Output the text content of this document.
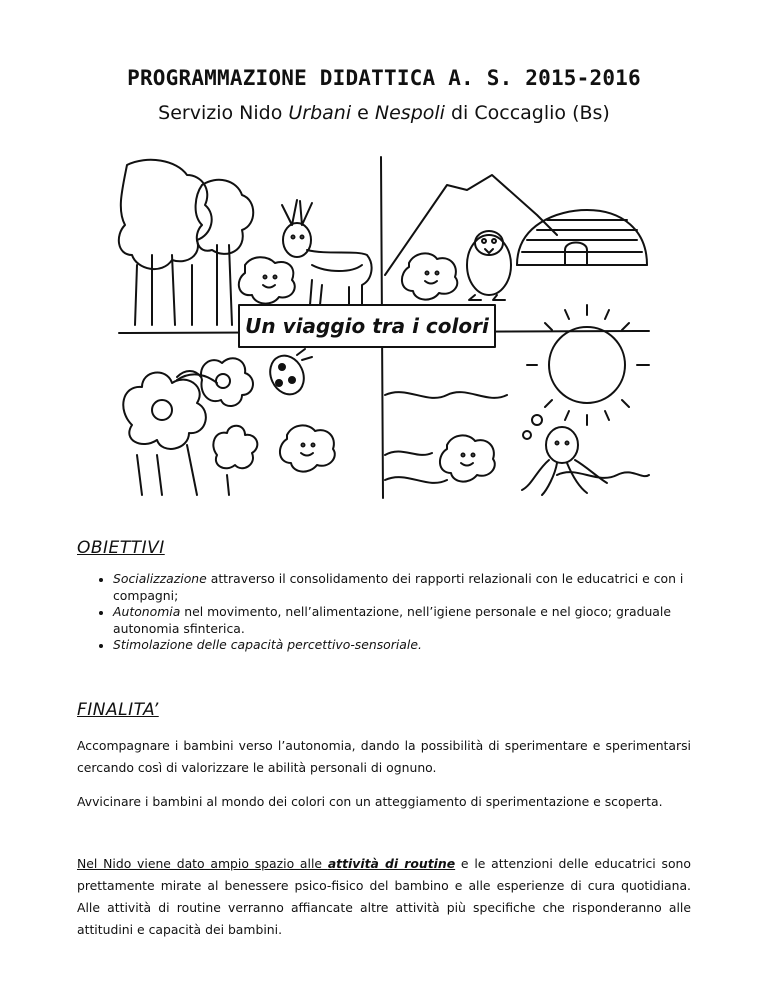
PROGRAMMAZIONE DIDATTICA A. S. 2015-2016
Servizio Nido Urbani e Nespoli di Coccaglio (Bs)
Un viaggio tra i colori
OBIETTIVI
• Socializzazione attraverso il consolidamento dei rapporti relazionali con le educatrici e con i compagni;
• Autonomia nel movimento, nell’alimentazione, nell’igiene personale e nel gioco; graduale autonomia sfinterica.
• Stimolazione delle capacità percettivo-sensoriale.
FINALITA’
Accompagnare i bambini verso l’autonomia, dando la possibilità di sperimentare e sperimentarsi cercando così di valorizzare le abilità personali di ognuno.
Avvicinare i bambini al mondo dei colori con un atteggiamento di sperimentazione e scoperta.
Nel Nido viene dato ampio spazio alle attività di routine e le attenzioni delle educatrici sono prettamente mirate al benessere psico-fisico del bambino e alle esperienze di cura quotidiana. Alle attività di routine verranno affiancate altre attività più specifiche che risponderanno alle attitudini e capacità dei bambini.
